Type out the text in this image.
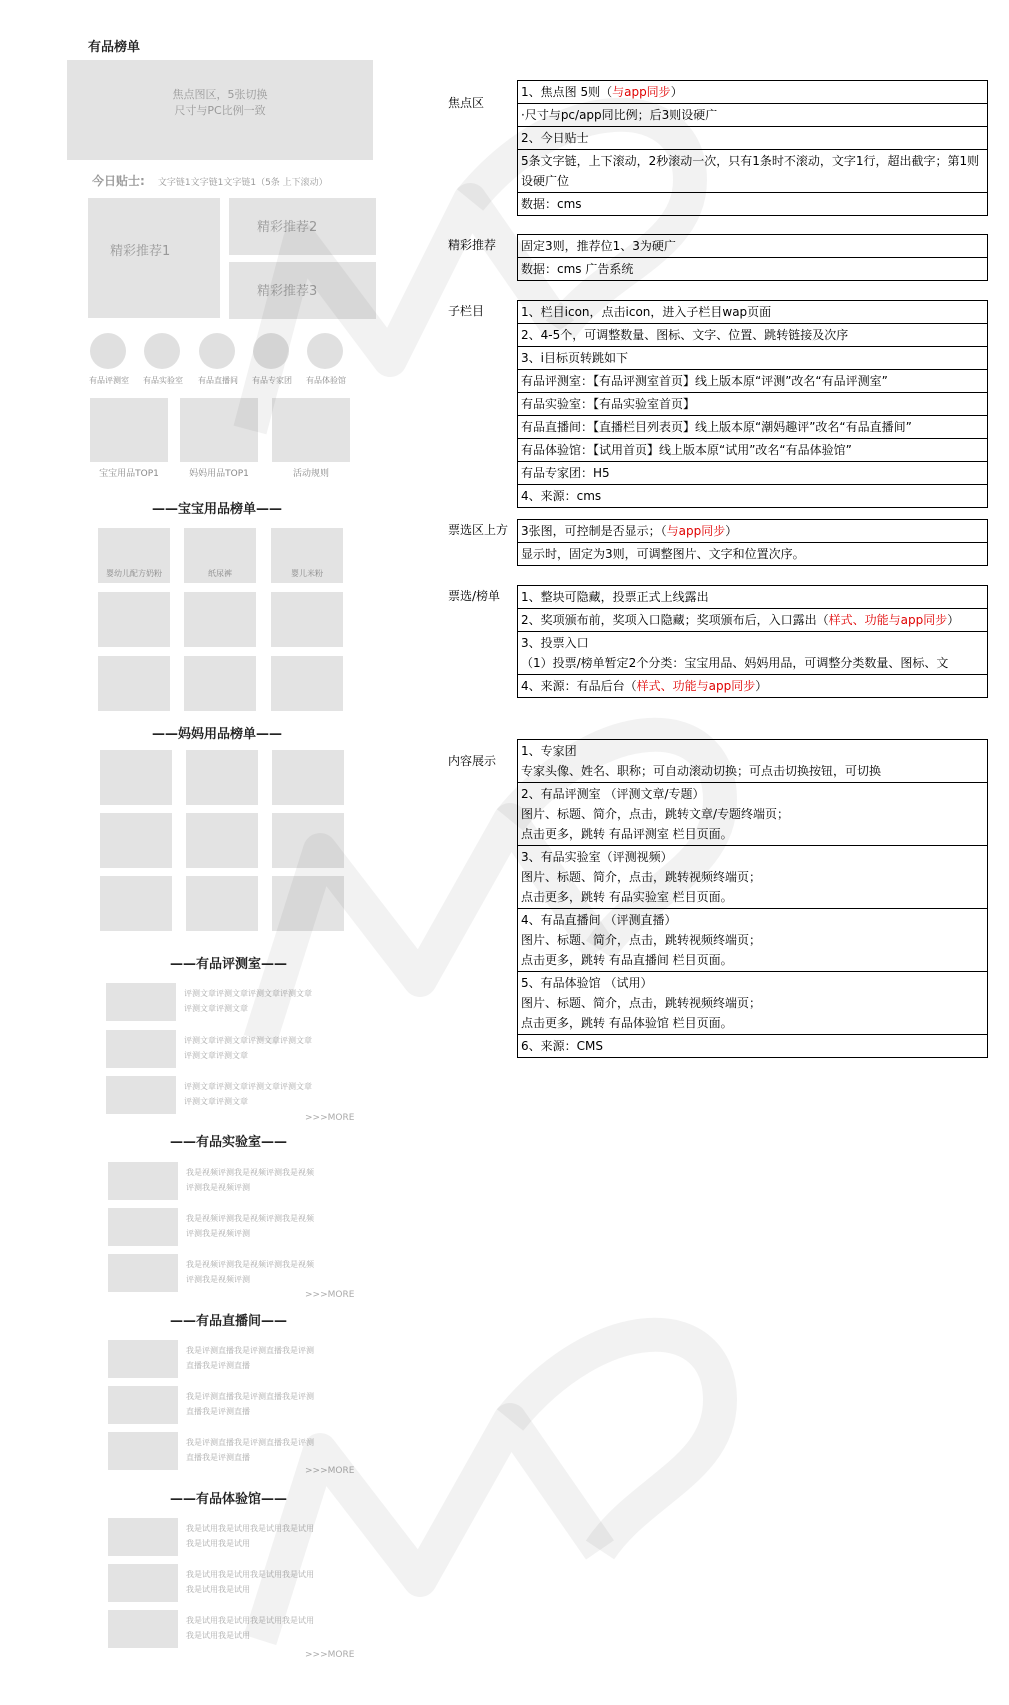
有品榜单
焦点图区，5张切换
尺寸与PC比例一致
今日贴士: 文字链1文字链1文字链1（5条 上下滚动）
精彩推荐1
精彩推荐2
精彩推荐3
有品评测室	有品实验室	有品直播间	有品专家团	有品体验馆
宝宝用品TOP1	妈妈用品TOP1	活动规则
——宝宝用品榜单——
婴幼儿配方奶粉	纸尿裤	婴儿米粉
——妈妈用品榜单——
——有品评测室——
评测文章评测文章评测文章评测文章
评测文章评测文章
评测文章评测文章评测文章评测文章
评测文章评测文章
评测文章评测文章评测文章评测文章
评测文章评测文章
>>>MORE
——有品实验室——
我是视频评测我是视频评测我是视频
评测我是视频评测
我是视频评测我是视频评测我是视频
评测我是视频评测
我是视频评测我是视频评测我是视频
评测我是视频评测
>>>MORE
——有品直播间——
我是评测直播我是评测直播我是评测
直播我是评测直播
我是评测直播我是评测直播我是评测
直播我是评测直播
我是评测直播我是评测直播我是评测
直播我是评测直播
>>>MORE
——有品体验馆——
我是试用我是试用我是试用我是试用
我是试用我是试用
我是试用我是试用我是试用我是试用
我是试用我是试用
我是试用我是试用我是试用我是试用
我是试用我是试用
>>>MORE
焦点区
1、焦点图 5则（与app同步）
·尺寸与pc/app同比例；后3则设硬广
2、今日贴士
5条文字链，上下滚动，2秒滚动一次，只有1条时不滚动，文字1行，超出截字；第1则设硬广位
数据：cms
精彩推荐 固定3则，推荐位1、3为硬广
数据：cms 广告系统
子栏目	1、栏目icon，点击icon，进入子栏目wap页面
2、4-5个，可调整数量、图标、文字、位置、跳转链接及次序
3、i目标页转跳如下
有品评测室：【有品评测室首页】线上版本原“评测”改名“有品评测室”
有品实验室：【有品实验室首页】
有品直播间：【直播栏目列表页】线上版本原“潮妈趣评”改名“有品直播间”
有品体验馆：【试用首页】线上版本原“试用”改名“有品体验馆”
有品专家团：H5
4、来源：cms
票选区上方 3张图，可控制是否显示；（与app同步）
显示时，固定为3则，可调整图片、文字和位置次序。
票选/榜单 1、整块可隐藏，投票正式上线露出
2、奖项颁布前，奖项入口隐藏；奖项颁布后，入口露出（样式、功能与app同步）
3、投票入口
（1）投票/榜单暂定2个分类：宝宝用品、妈妈用品，可调整分类数量、图标、文
4、来源：有品后台（样式、功能与app同步）
内容展示
1、专家团
专家头像、姓名、职称；可自动滚动切换；可点击切换按钮，可切换
2、有品评测室 （评测文章/专题）
图片、标题、简介，点击，跳转文章/专题终端页；
点击更多，跳转 有品评测室 栏目页面。
3、有品实验室（评测视频）
图片、标题、简介，点击，跳转视频终端页；
点击更多，跳转 有品实验室 栏目页面。
4、有品直播间 （评测直播）
图片、标题、简介，点击，跳转视频终端页；
点击更多，跳转 有品直播间 栏目页面。
5、有品体验馆 （试用）
图片、标题、简介，点击，跳转视频终端页；
点击更多，跳转 有品体验馆 栏目页面。
6、来源：CMS
